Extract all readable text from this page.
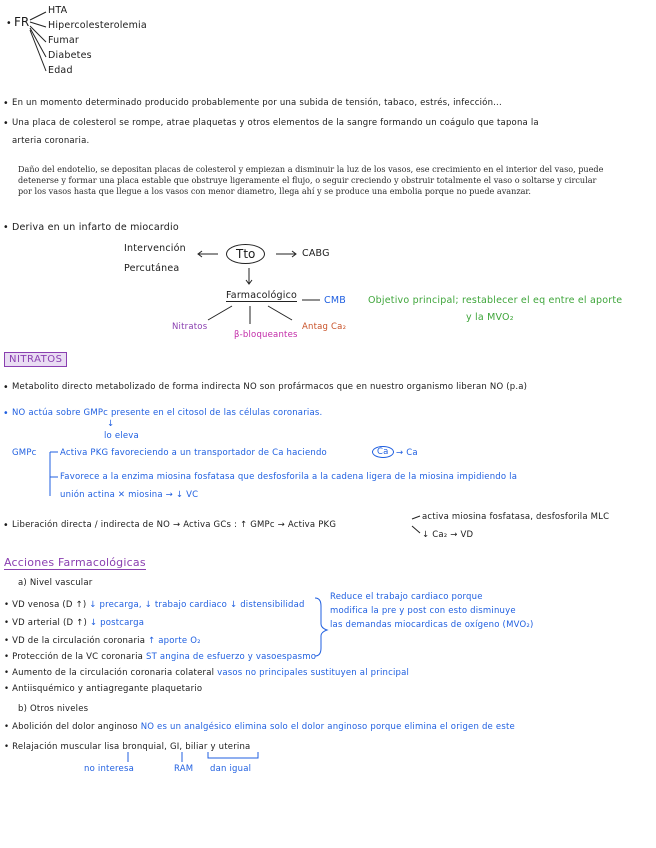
• FR
HTA
Hipercolesterolemia
Fumar
Diabetes
Edad
• En un momento determinado producido probablemente por una subida de tensión, tabaco, estrés, infección...
• Una placa de colesterol se rompe, atrae plaquetas y otros elementos de la sangre formando un coágulo que tapona la
arteria coronaria.
Daño del endotelio, se depositan placas de colesterol y empiezan a disminuir la luz de los vasos, ese crecimiento en el interior del vaso, puede detenerse y formar una placa estable que obstruye ligeramente el flujo, o seguir creciendo y obstruir totalmente el vaso o soltarse y circular por los vasos hasta que llegue a los vasos con menor diametro, llega ahí y se produce una embolia porque no puede avanzar.
• Deriva en un infarto de miocardio
Intervención
Percutánea
Tto	CABG
Farmacológico	CMB Objetivo principal; restablecer el eq entre el aporte
y la MVO₂
Nitratos
β-bloqueantes
Antag Ca₂
NITRATOS
• Metabolito directo metabolizado de forma indirecta NO son profármacos que en nuestro organismo liberan NO (p.a)
• NO actúa sobre GMPc presente en el citosol de las células coronarias.
↓
lo eleva
GMPc	Activa PKG favoreciendo a un transportador de Ca haciendo	Ca → Ca
Favorece a la enzima miosina fosfatasa que desfosforila a la cadena ligera de la miosina impidiendo la
unión actina ✕ miosina → ↓ VC
• Liberación directa / indirecta de NO → Activa GCs : ↑ GMPc → Activa PKG
activa miosina fosfatasa, desfosforila MLC
↓ Ca₂ → VD
Acciones Farmacológicas
a) Nivel vascular
• VD venosa (D ↑) ↓ precarga, ↓ trabajo cardiaco ↓ distensibilidad
• VD arterial (D ↑) ↓ postcarga
• VD de la circulación coronaria ↑ aporte O₂
• Protección de la VC coronaria ST angina de esfuerzo y vasoespasmo
• Aumento de la circulación coronaria colateral vasos no principales sustituyen al principal
• Antiisquémico y antiagregante plaquetario
Reduce el trabajo cardiaco porque
modifica la pre y post con esto disminuye
las demandas miocardicas de oxígeno (MVO₂)
b) Otros niveles
• Abolición del dolor anginoso NO es un analgésico elimina solo el dolor anginoso porque elimina el origen de este
• Relajación muscular lisa bronquial, GI, biliar y uterina
no interesa	RAM dan igual
